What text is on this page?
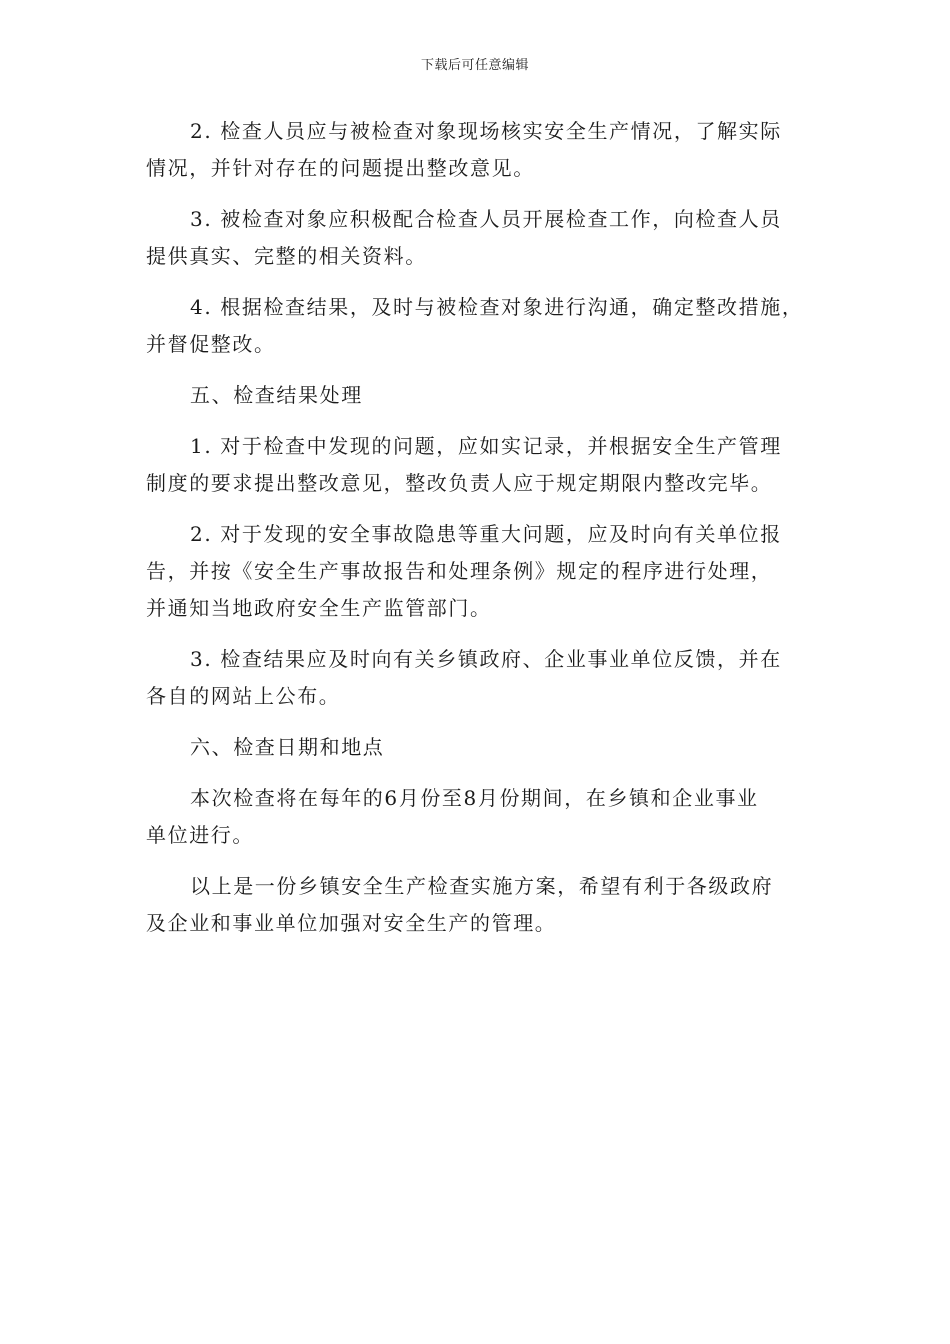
下载后可任意编辑
2. 检查人员应与被检查对象现场核实安全生产情况，了解实际
情况，并针对存在的问题提出整改意见。
3. 被检查对象应积极配合检查人员开展检查工作，向检查人员
提供真实、完整的相关资料。
4. 根据检查结果，及时与被检查对象进行沟通，确定整改措施，
并督促整改。
五、检查结果处理
1. 对于检查中发现的问题，应如实记录，并根据安全生产管理
制度的要求提出整改意见，整改负责人应于规定期限内整改完毕。
2. 对于发现的安全事故隐患等重大问题，应及时向有关单位报
告，并按《安全生产事故报告和处理条例》规定的程序进行处理，
并通知当地政府安全生产监管部门。
3. 检查结果应及时向有关乡镇政府、企业事业单位反馈，并在
各自的网站上公布。
六、检查日期和地点
本次检查将在每年的6月份至8月份期间，在乡镇和企业事业
单位进行。
以上是一份乡镇安全生产检查实施方案，希望有利于各级政府
及企业和事业单位加强对安全生产的管理。
